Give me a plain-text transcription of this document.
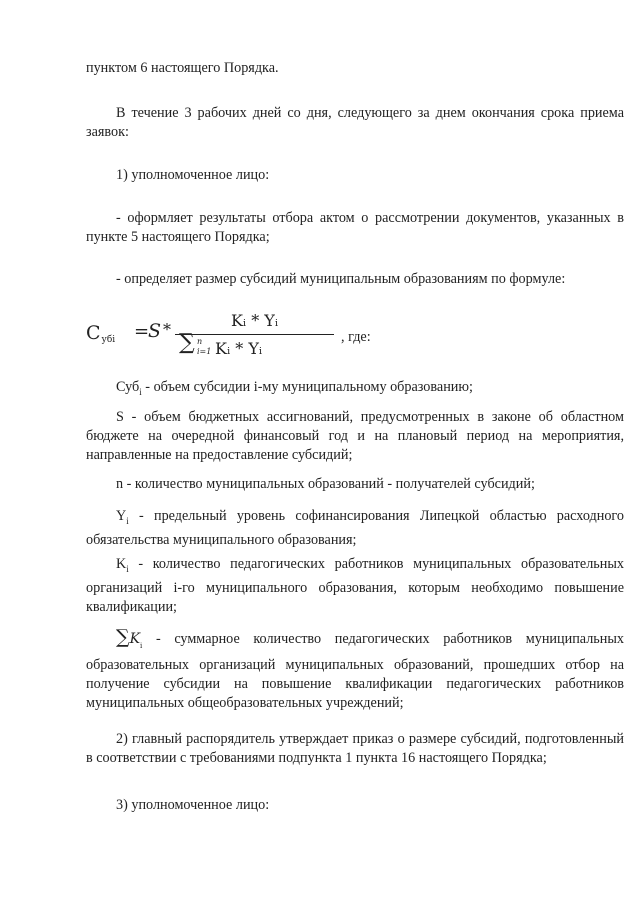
пунктом 6 настоящего Порядка.

В течение 3 рабочих дней со дня, следующего за днем окончания срока приема заявок:

1) уполномоченное лицо:

- оформляет результаты отбора актом о рассмотрении документов, указанных в пункте 5 настоящего Порядка;

- определяет размер субсидий муниципальным образованиям по формуле:

$С_{убi}$ =
S *	Kᵢ * Yᵢ
∑ n
i=1 Kᵢ * Yᵢ
, где:

Суб$_i$ - объем субсидии i-му муниципальному образованию;

S - объем бюджетных ассигнований, предусмотренных в законе об областном бюджете на очередной финансовый год и на плановый период на мероприятия, направленные на предоставление субсидий;

n - количество муниципальных образований - получателей субсидий;

$Y_i$ - предельный уровень софинансирования Липецкой областью расходного обязательства муниципального образования;

$K_i$ - количество педагогических работников муниципальных образовательных организаций i-го муниципального образования, которым необходимо повышение квалификации;

$\sum K_i$ - суммарное количество педагогических работников муниципальных образовательных организаций муниципальных образований, прошедших отбор на получение субсидии на повышение квалификации педагогических работников муниципальных общеобразовательных учреждений;

2) главный распорядитель утверждает приказ о размере субсидий, подготовленный в соответствии с требованиями подпункта 1 пункта 16 настоящего Порядка;

3) уполномоченное лицо:
